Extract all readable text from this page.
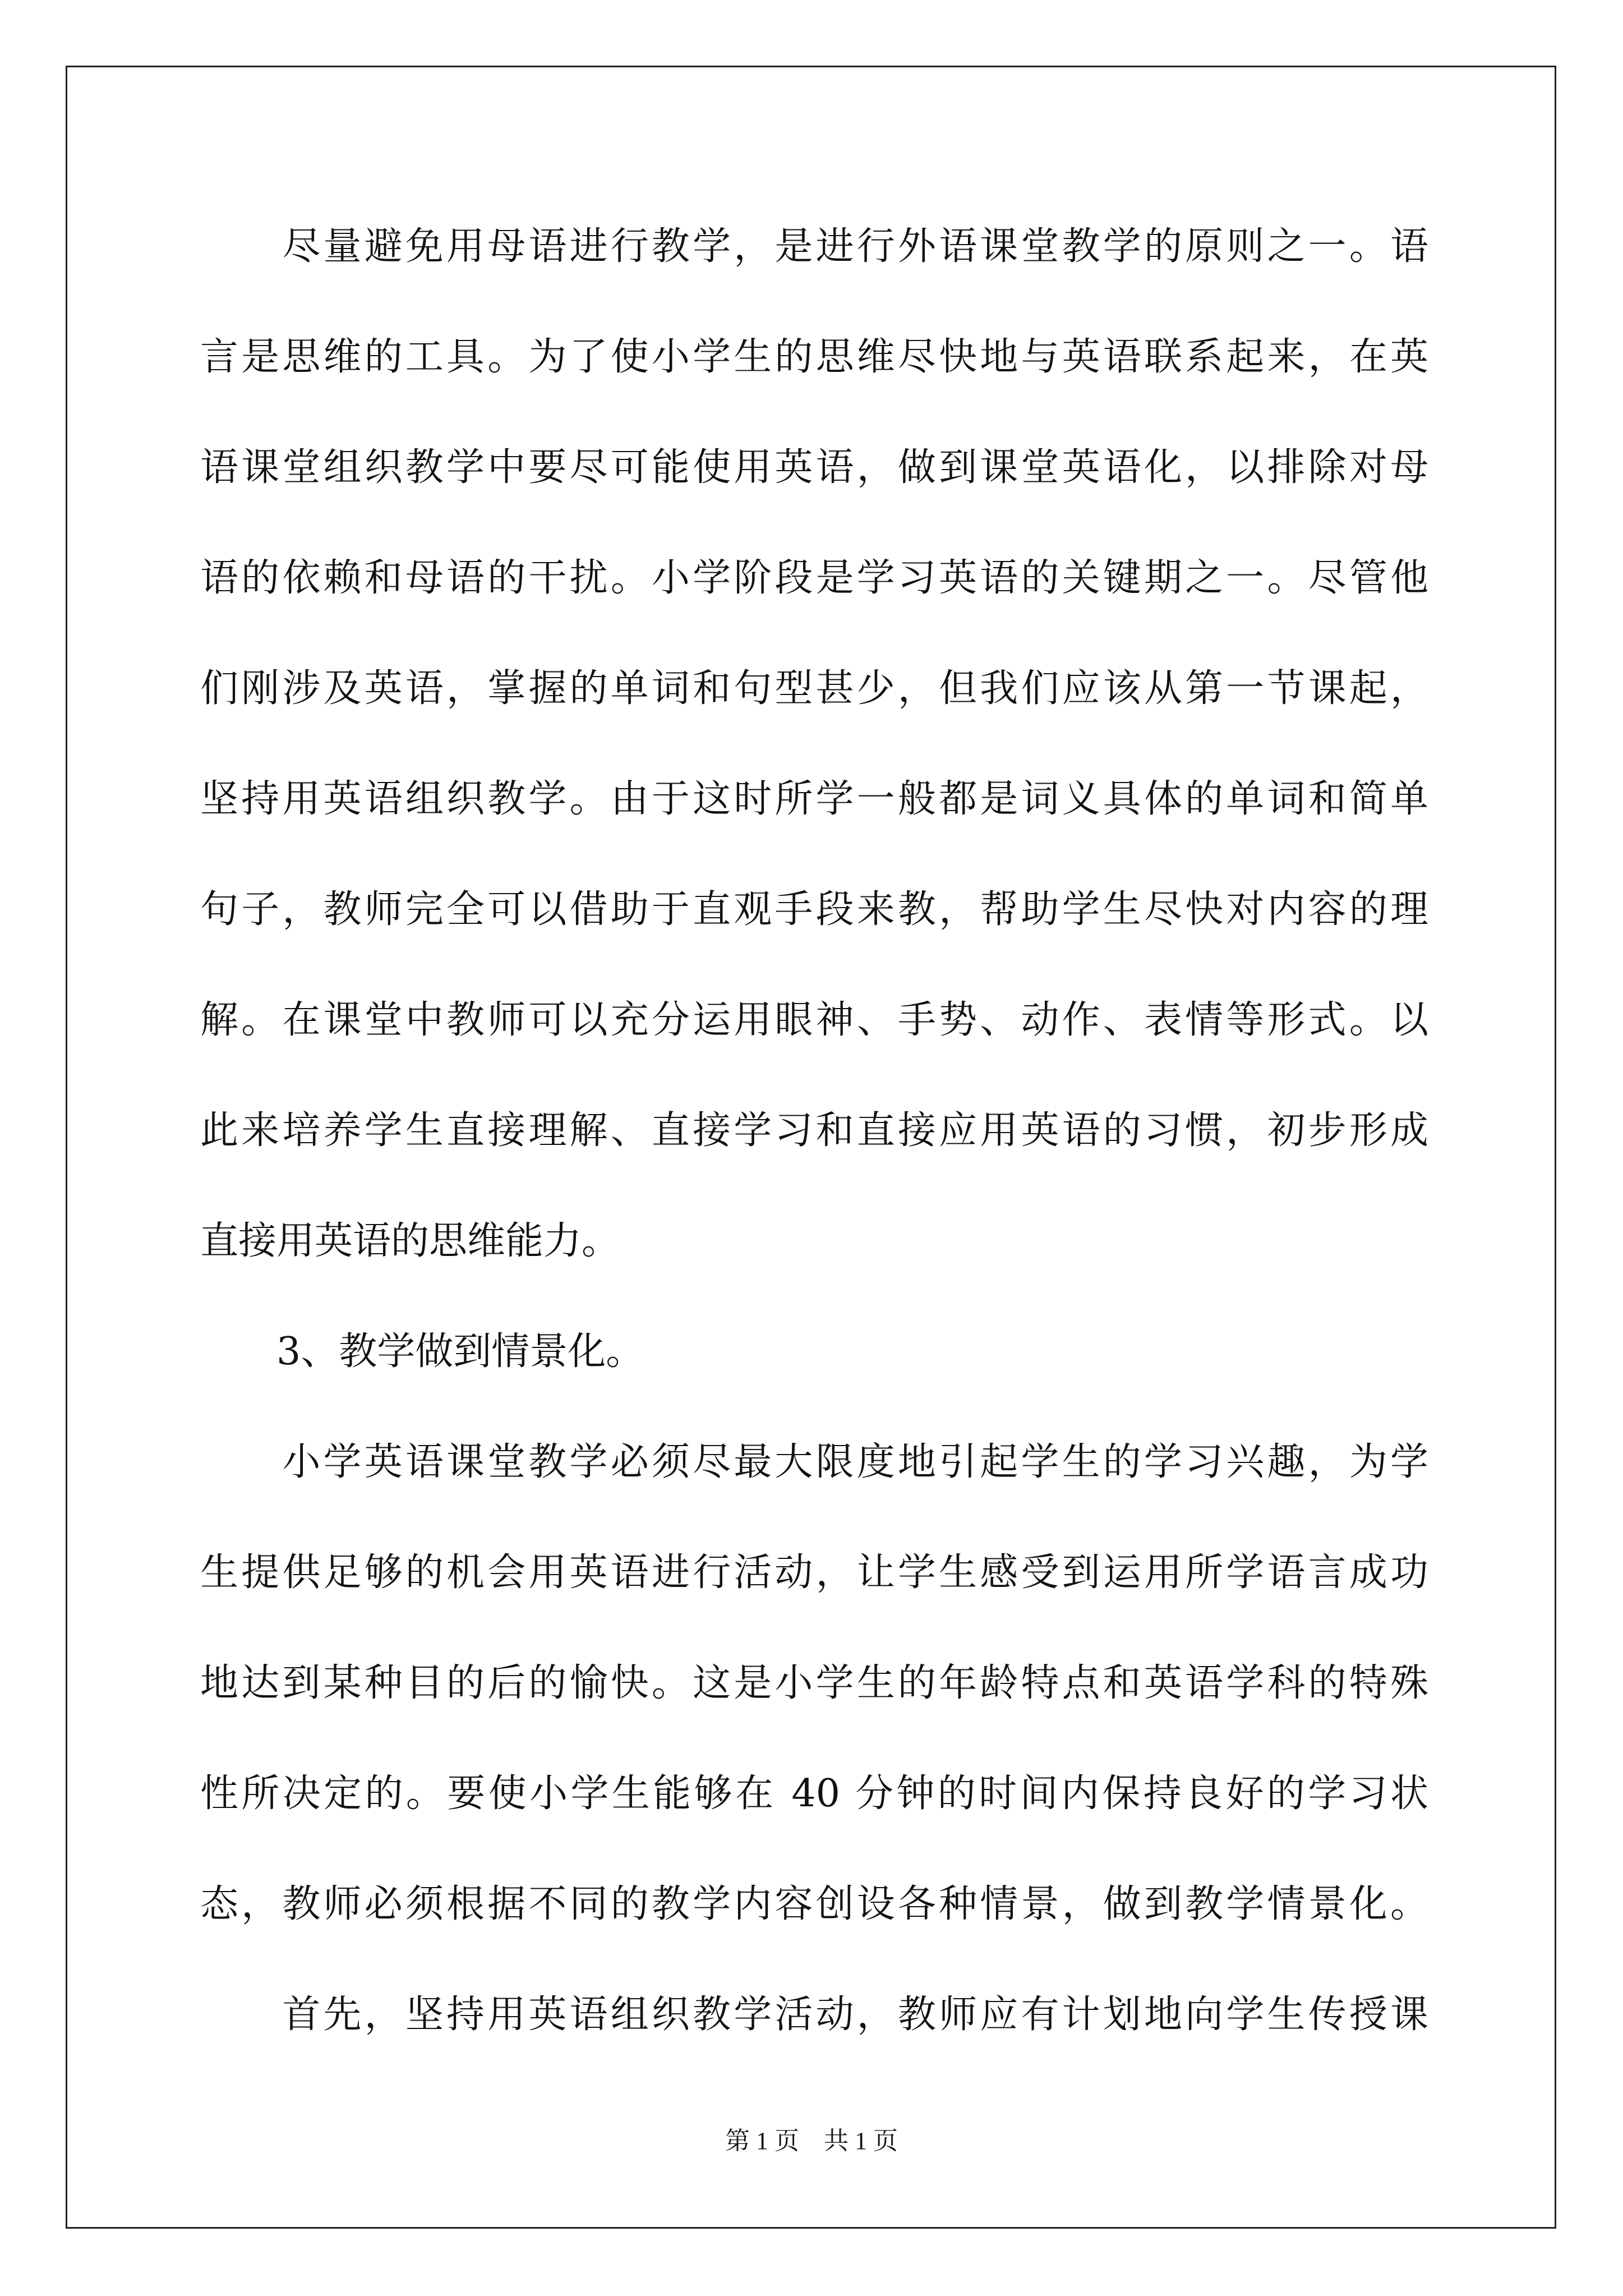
　　尽量避免用母语进行教学，是进行外语课堂教学的原则之一。语
言是思维的工具。为了使小学生的思维尽快地与英语联系起来，在英
语课堂组织教学中要尽可能使用英语，做到课堂英语化，以排除对母
语的依赖和母语的干扰。小学阶段是学习英语的关键期之一。尽管他
们刚涉及英语，掌握的单词和句型甚少，但我们应该从第一节课起，
坚持用英语组织教学。由于这时所学一般都是词义具体的单词和简单
句子，教师完全可以借助于直观手段来教，帮助学生尽快对内容的理
解。在课堂中教师可以充分运用眼神、手势、动作、表情等形式。以
此来培养学生直接理解、直接学习和直接应用英语的习惯，初步形成
直接用英语的思维能力。
　　3、教学做到情景化。
　　小学英语课堂教学必须尽最大限度地引起学生的学习兴趣，为学
生提供足够的机会用英语进行活动，让学生感受到运用所学语言成功
地达到某种目的后的愉快。这是小学生的年龄特点和英语学科的特殊
性所决定的。要使小学生能够在 40 分钟的时间内保持良好的学习状
态，教师必须根据不同的教学内容创设各种情景，做到教学情景化。
　　首先，坚持用英语组织教学活动，教师应有计划地向学生传授课
第 1 页　共 1 页
